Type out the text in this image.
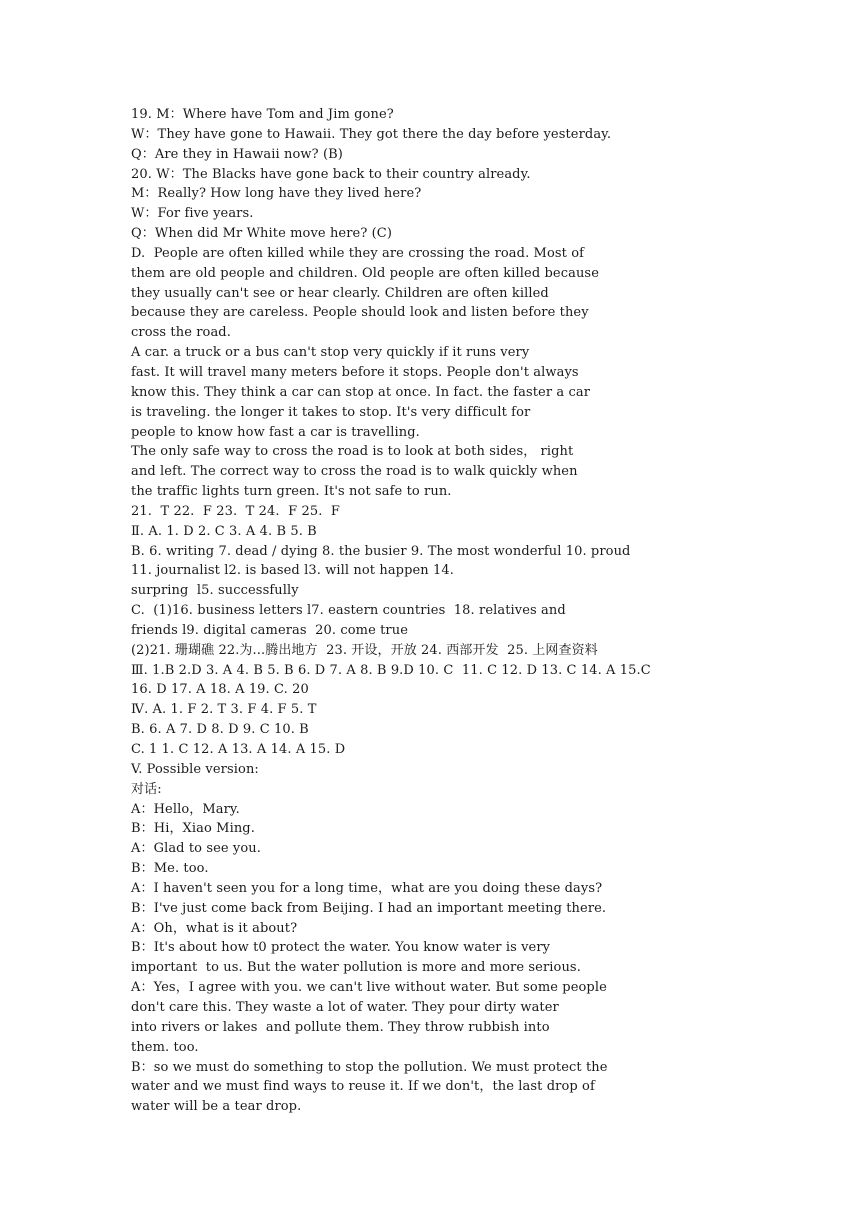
19. M：Where have Tom and Jim gone?
W：They have gone to Hawaii. They got there the day before yesterday.
Q：Are they in Hawaii now? (B)
20. W：The Blacks have gone back to their country already.
M：Really? How long have they lived here?
W：For five years.
Q：When did Mr White move here? (C)
D.  People are often killed while they are crossing the road. Most of
them are old people and children. Old people are often killed because
they usually can't see or hear clearly. Children are often killed
because they are careless. People should look and listen before they
cross the road.
A car. a truck or a bus can't stop very quickly if it runs very
fast. It will travel many meters before it stops. People don't always
know this. They think a car can stop at once. In fact. the faster a car
is traveling. the longer it takes to stop. It's very difficult for
people to know how fast a car is travelling.
The only safe way to cross the road is to look at both sides， right
and left. The correct way to cross the road is to walk quickly when
the traffic lights turn green. It's not safe to run.
21.  T 22.  F 23.  T 24.  F 25.  F
Ⅱ. A. 1. D 2. C 3. A 4. B 5. B
B. 6. writing 7. dead / dying 8. the busier 9. The most wonderful 10. proud
11. journalist l2. is based l3. will not happen 14.
surpring  l5. successfully
C.  (1)16. business letters l7. eastern countries  18. relatives and
friends l9. digital cameras  20. come true
(2)21. 珊瑚礁 22.为...腾出地方  23. 开设，开放 24. 西部开发  25. 上网查资料
Ⅲ. 1.B 2.D 3. A 4. B 5. B 6. D 7. A 8. B 9.D 10. C  11. C 12. D 13. C 14. A 15.C
16. D 17. A 18. A 19. C. 20
Ⅳ. A. 1. F 2. T 3. F 4. F 5. T
B. 6. A 7. D 8. D 9. C 10. B
C. 1 1. C 12. A 13. A 14. A 15. D
V. Possible version:
对话:
A：Hello，Mary.
B：Hi，Xiao Ming.
A：Glad to see you.
B：Me. too.
A：I haven't seen you for a long time，what are you doing these days?
B：I've just come back from Beijing. I had an important meeting there.
A：Oh，what is it about?
B：It's about how t0 protect the water. You know water is very
important  to us. But the water pollution is more and more serious.
A：Yes，I agree with you. we can't live without water. But some people
don't care this. They waste a lot of water. They pour dirty water
into rivers or lakes  and pollute them. They throw rubbish into
them. too.
B：so we must do something to stop the pollution. We must protect the
water and we must find ways to reuse it. If we don't，the last drop of
water will be a tear drop.
